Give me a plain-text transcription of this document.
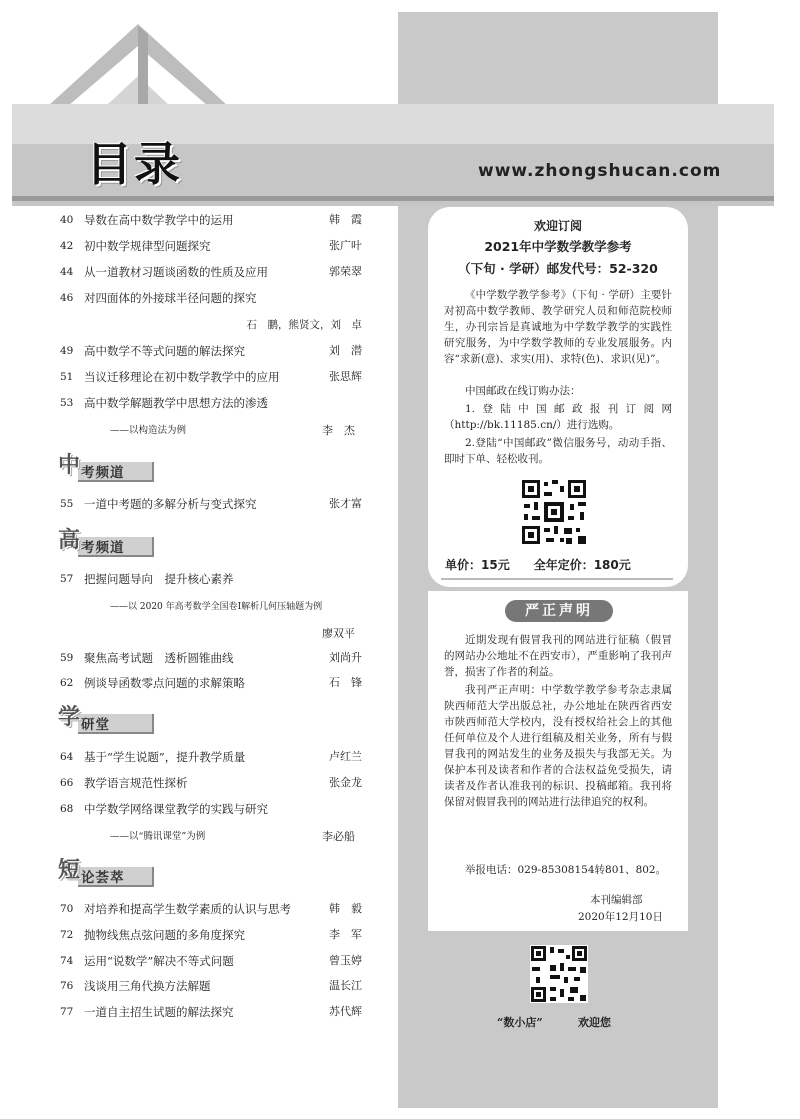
目录	www.zhongshucan.com
40 导数在高中数学教学中的运用	韩　霞
42 初中数学规律型问题探究	张广叶
44 从一道教材习题谈函数的性质及应用	郭荣翠
46 对四面体的外接球半径问题的探究
石　鹏，熊贤文，刘　卓
49 高中数学不等式问题的解法探究	刘　潜
51 当议迁移理论在初中数学教学中的应用	张思辉
53 高中数学解题教学中思想方法的渗透
——以构造法为例	李　杰
中 考频道
55 一道中考题的多解分析与变式探究	张才富
高 考频道
57 把握问题导向　提升核心素养
——以 2020 年高考数学全国卷Ⅰ解析几何压轴题为例
廖双平
59 聚焦高考试题　透析圆锥曲线	刘尚升
62 例谈导函数零点问题的求解策略	石　锋
学 研堂
64 基于“学生说题”，提升教学质量	卢红兰
66 教学语言规范性探析	张金龙
68 中学数学网络课堂教学的实践与研究
——以“腾讯课堂”为例	李必船
短 论荟萃
70 对培养和提高学生数学素质的认识与思考	韩　毅
72 抛物线焦点弦问题的多角度探究	李　军
74 运用“说数学”解决不等式问题	曾玉婷
76 浅谈用三角代换方法解题	温长江
77 一道自主招生试题的解法探究	苏代辉
欢迎订阅
2021年中学数学教学参考
（下旬 · 学研）邮发代号：52-320
《中学数学教学参考》（下旬 · 学研）主要针对初高中数学教师、教学研究人员和师范院校师生，办刊宗旨是真诚地为中学数学教学的实践性研究服务，为中学数学教师的专业发展服务。内容“求新(意)、求实(用)、求特(色)、求识(见)”。
中国邮政在线订购办法：
1.登陆中国邮政报刊订阅网（http://bk.11185.cn/）进行选购。
2.登陆“中国邮政”微信服务号，动动手指、即时下单、轻松收刊。
单价：15元　　全年定价：180元
严正声明
近期发现有假冒我刊的网站进行征稿（假冒的网站办公地址不在西安市），严重影响了我刊声誉，损害了作者的利益。
我刊严正声明：中学数学教学参考杂志隶属陕西师范大学出版总社，办公地址在陕西省西安市陕西师范大学校内，没有授权给社会上的其他任何单位及个人进行组稿及相关业务，所有与假冒我刊的网站发生的业务及损失与我部无关。为保护本刊及读者和作者的合法权益免受损失，请读者及作者认准我刊的标识、投稿邮箱。我刊将保留对假冒我刊的网站进行法律追究的权利。
举报电话：029-85308154转801、802。
本刊编辑部
2020年12月10日
“数小店”	欢迎您
